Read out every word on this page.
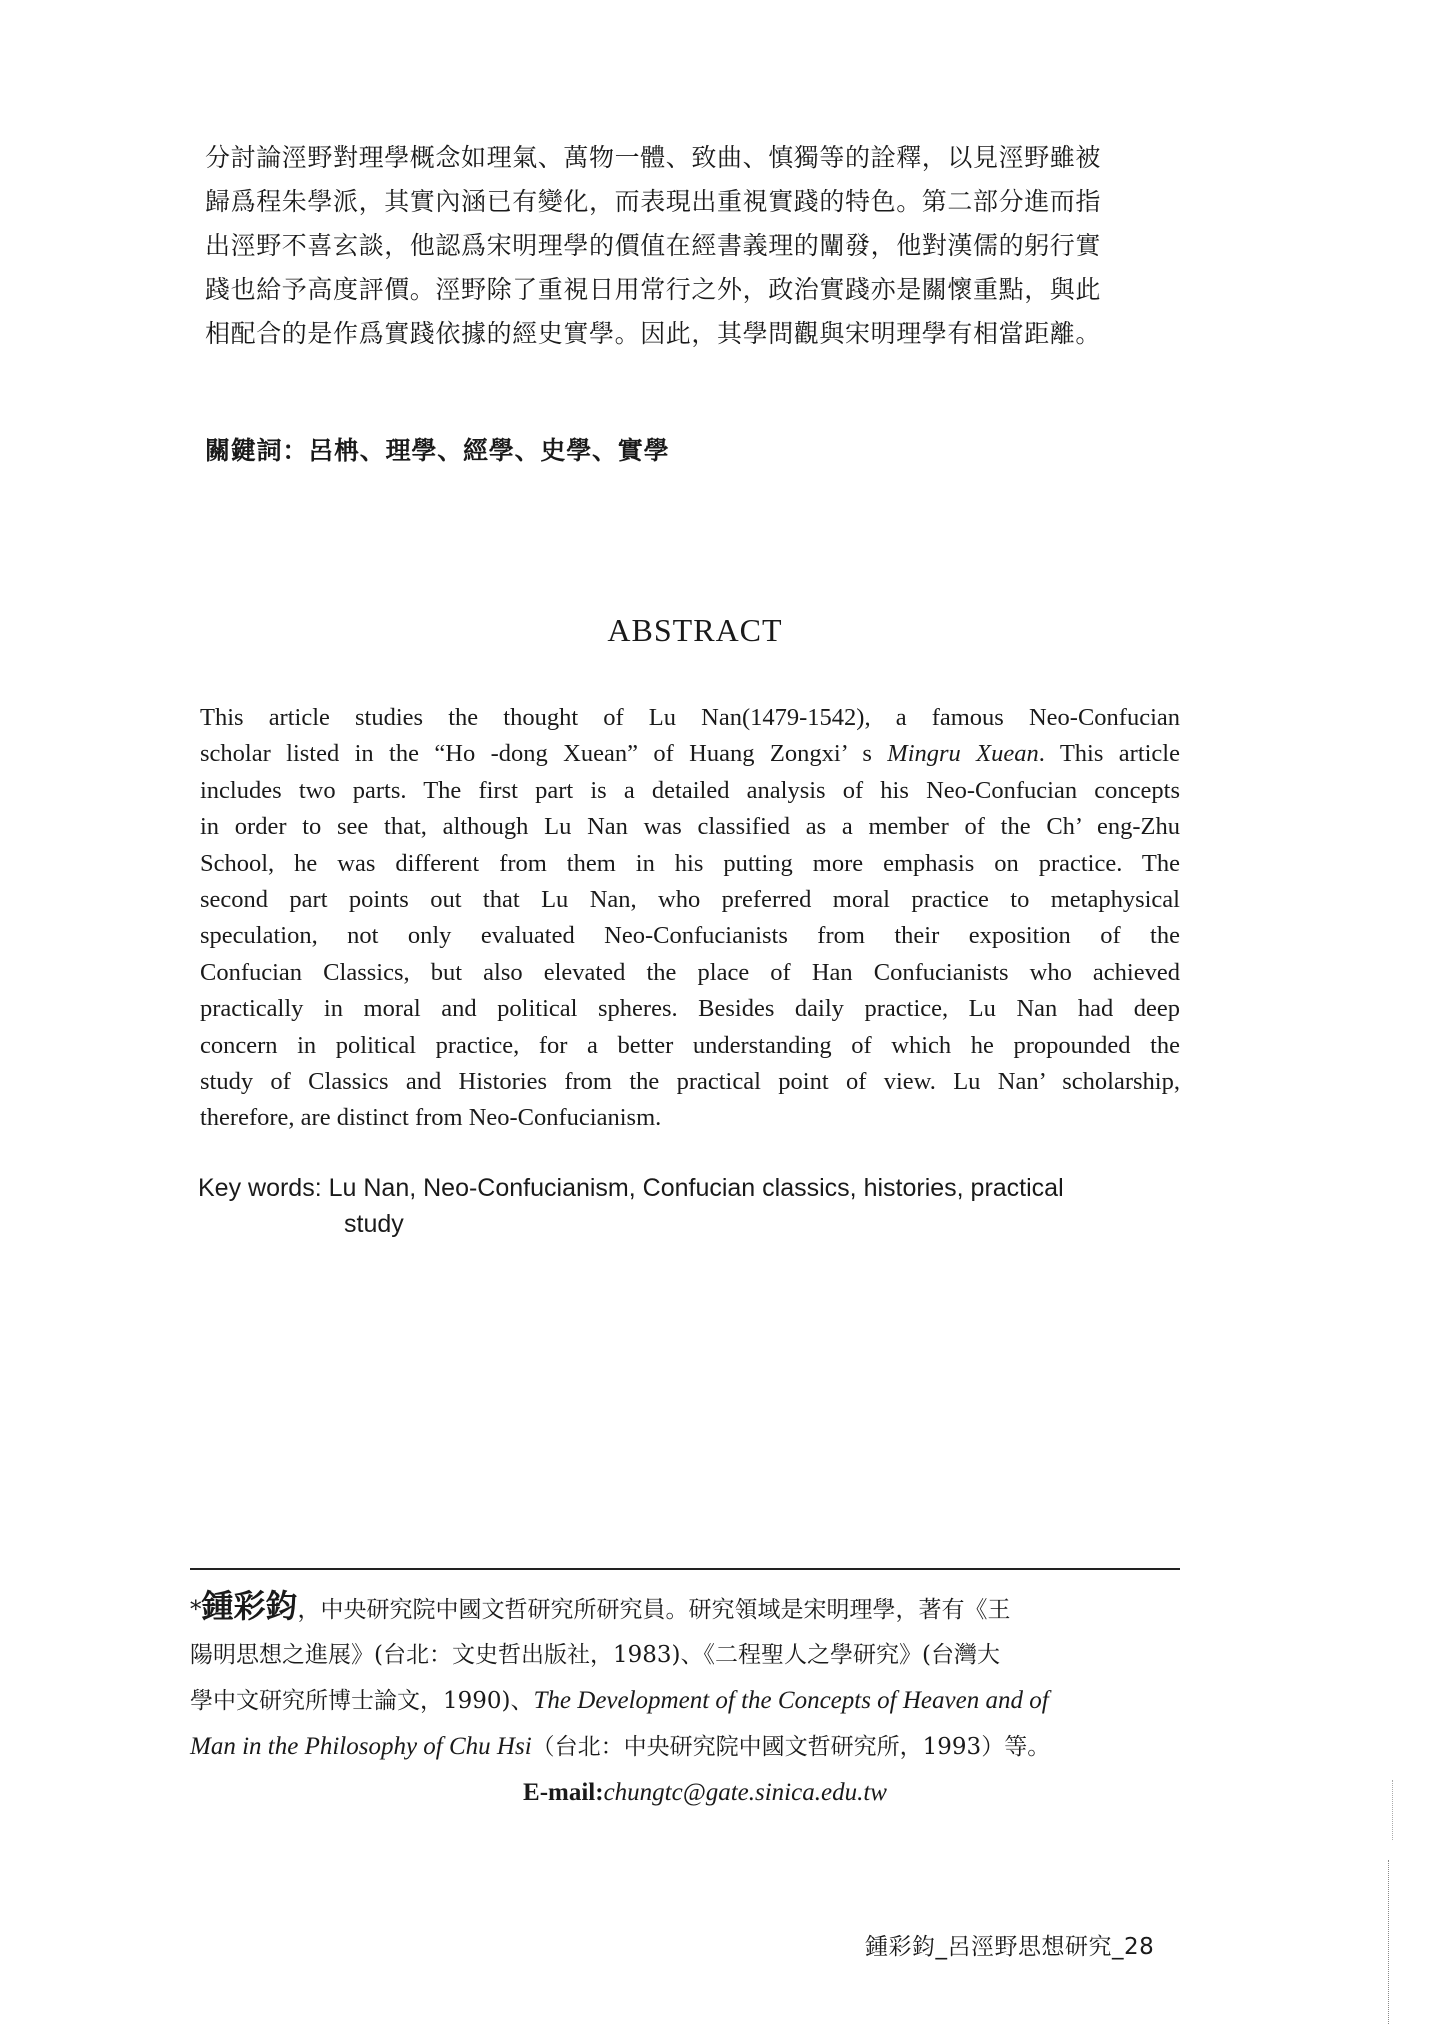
分討論涇野對理學概念如理氣、萬物一體、致曲、慎獨等的詮釋，以見涇野雖被
歸爲程朱學派，其實內涵已有變化，而表現出重視實踐的特色。第二部分進而指
出涇野不喜玄談，他認爲宋明理學的價值在經書義理的闡發，他對漢儒的躬行實
踐也給予高度評價。涇野除了重視日用常行之外，政治實踐亦是關懷重點，與此
相配合的是作爲實踐依據的經史實學。因此，其學問觀與宋明理學有相當距離。
關鍵詞：呂柟、理學、經學、史學、實學
ABSTRACT
This article studies the thought of Lu Nan(1479-1542), a famous Neo-Confucian
scholar listed in the “Ho -dong Xuean” of Huang Zongxi’ s Mingru Xuean. This article
includes two parts. The first part is a detailed analysis of his Neo-Confucian concepts
in order to see that, although Lu Nan was classified as a member of the Ch’ eng-Zhu
School, he was different from them in his putting more emphasis on practice. The
second part points out that Lu Nan, who preferred moral practice to metaphysical
speculation, not only evaluated Neo-Confucianists from their exposition of the
Confucian Classics, but also elevated the place of Han Confucianists who achieved
practically in moral and political spheres. Besides daily practice, Lu Nan had deep
concern in political practice, for a better understanding of which he propounded the
study of Classics and Histories from the practical point of view. Lu Nan’ scholarship,
therefore, are distinct from Neo-Confucianism.
Key words: Lu Nan, Neo-Confucianism, Confucian classics, histories, practical
study
*鍾彩鈞，中央研究院中國文哲研究所研究員。研究領域是宋明理學，著有《王
陽明思想之進展》(台北：文史哲出版社，1983)、《二程聖人之學研究》(台灣大
學中文研究所博士論文，1990)、The Development of the Concepts of Heaven and of
Man in the Philosophy of Chu Hsi（台北：中央研究院中國文哲研究所，1993）等。
E-mail:chungtc@gate.sinica.edu.tw
鍾彩鈞_呂涇野思想研究_28
